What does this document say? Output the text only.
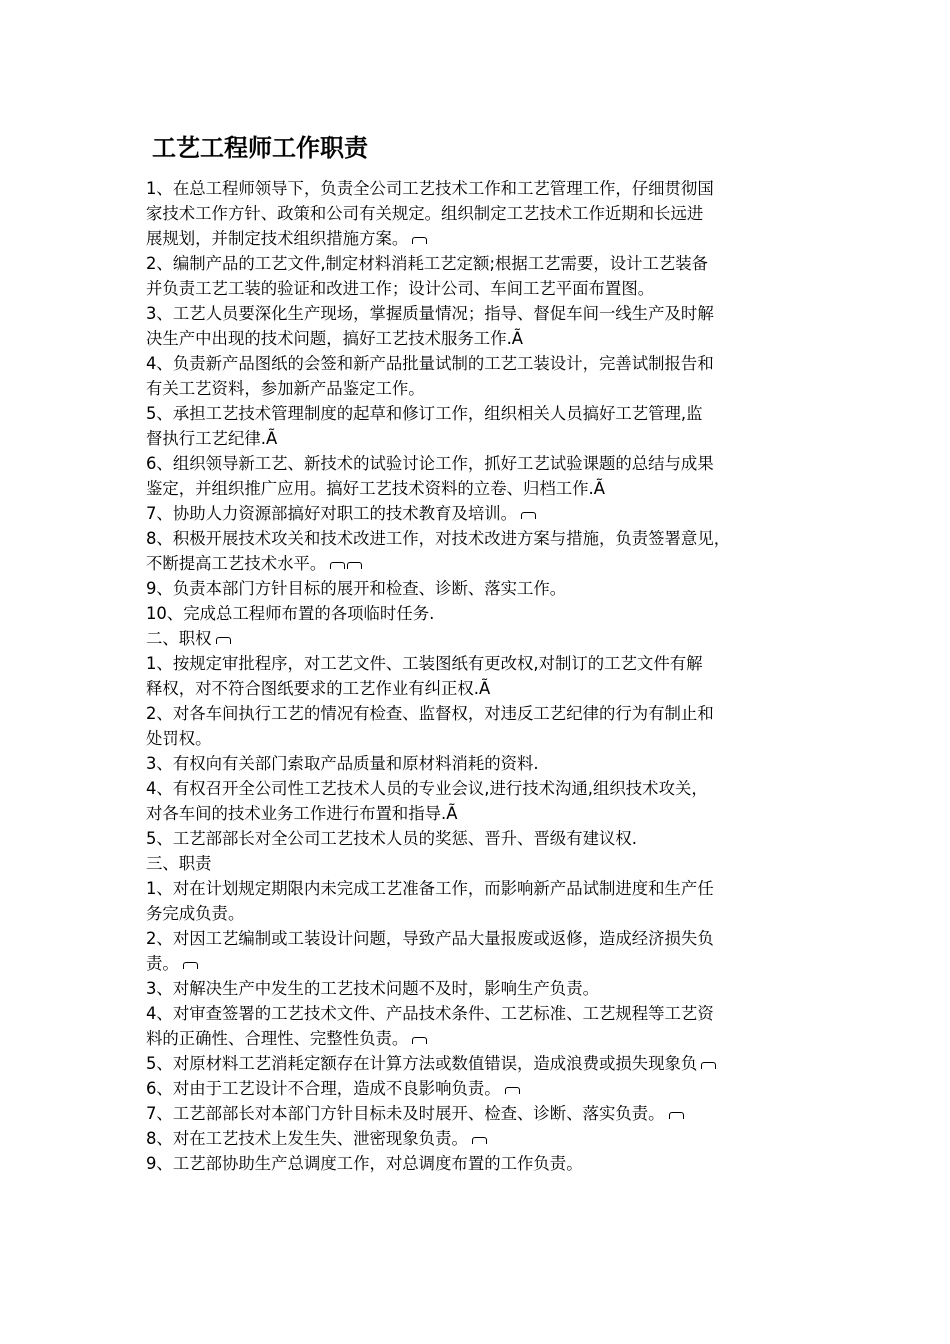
工艺工程师工作职责
1、在总工程师领导下，负责全公司工艺技术工作和工艺管理工作，仔细贯彻国
家技术工作方针、政策和公司有关规定。组织制定工艺技术工作近期和长远进
展规划，并制定技术组织措施方案。
2、编制产品的工艺文件,制定材料消耗工艺定额;根据工艺需要，设计工艺装备
并负责工艺工装的验证和改进工作；设计公司、车间工艺平面布置图。
3、工艺人员要深化生产现场，掌握质量情况；指导、督促车间一线生产及时解
决生产中出现的技术问题，搞好工艺技术服务工作.Ã
4、负责新产品图纸的会签和新产品批量试制的工艺工装设计，完善试制报告和
有关工艺资料，参加新产品鉴定工作。
5、承担工艺技术管理制度的起草和修订工作，组织相关人员搞好工艺管理,监
督执行工艺纪律.Ã
6、组织领导新工艺、新技术的试验讨论工作，抓好工艺试验课题的总结与成果
鉴定，并组织推广应用。搞好工艺技术资料的立卷、归档工作.Ã
7、协助人力资源部搞好对职工的技术教育及培训。
8、积极开展技术攻关和技术改进工作，对技术改进方案与措施，负责签署意见，
不断提高工艺技术水平。
9、负责本部门方针目标的展开和检查、诊断、落实工作。
10、完成总工程师布置的各项临时任务.
二、职权
1、按规定审批程序，对工艺文件、工装图纸有更改权,对制订的工艺文件有解
释权，对不符合图纸要求的工艺作业有纠正权.Ã
2、对各车间执行工艺的情况有检查、监督权，对违反工艺纪律的行为有制止和
处罚权。
3、有权向有关部门索取产品质量和原材料消耗的资料.
4、有权召开全公司性工艺技术人员的专业会议,进行技术沟通,组织技术攻关，
对各车间的技术业务工作进行布置和指导.Ã
5、工艺部部长对全公司工艺技术人员的奖惩、晋升、晋级有建议权.
三、职责
1、对在计划规定期限内未完成工艺准备工作，而影响新产品试制进度和生产任
务完成负责。
2、对因工艺编制或工装设计问题，导致产品大量报废或返修，造成经济损失负
责。
3、对解决生产中发生的工艺技术问题不及时，影响生产负责。
4、对审查签署的工艺技术文件、产品技术条件、工艺标准、工艺规程等工艺资
料的正确性、合理性、完整性负责。
5、对原材料工艺消耗定额存在计算方法或数值错误，造成浪费或损失现象负
6、对由于工艺设计不合理，造成不良影响负责。
7、工艺部部长对本部门方针目标未及时展开、检查、诊断、落实负责。
8、对在工艺技术上发生失、泄密现象负责。
9、工艺部协助生产总调度工作，对总调度布置的工作负责。
